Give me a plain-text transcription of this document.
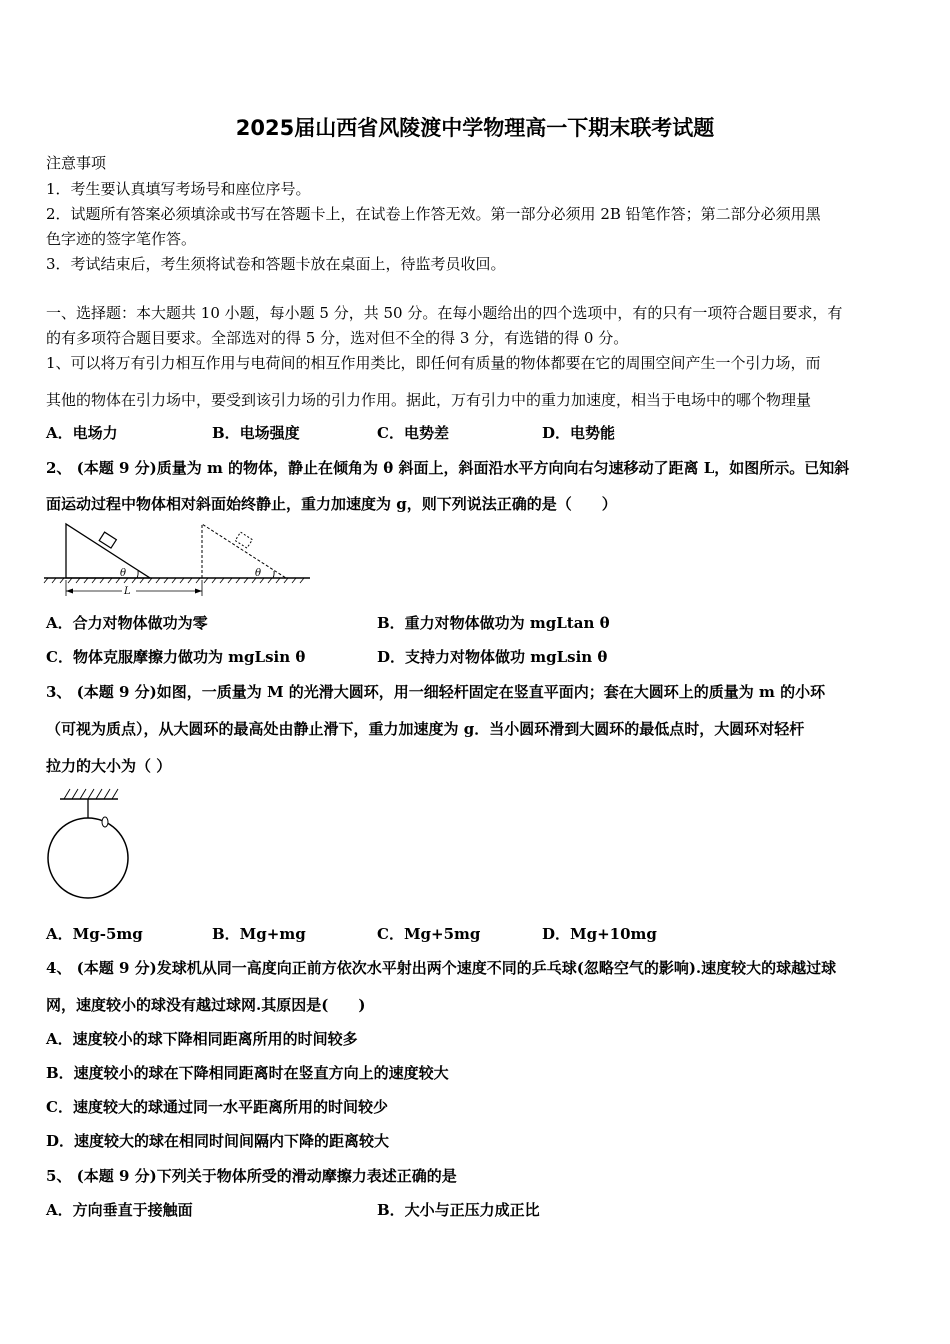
2025届山西省风陵渡中学物理高一下期末联考试题
注意事项
1．考生要认真填写考场号和座位序号。
2．试题所有答案必须填涂或书写在答题卡上，在试卷上作答无效。第一部分必须用 2B 铅笔作答；第二部分必须用黑
色字迹的签字笔作答。
3．考试结束后，考生须将试卷和答题卡放在桌面上，待监考员收回。
一、选择题：本大题共 10 小题，每小题 5 分，共 50 分。在每小题给出的四个选项中，有的只有一项符合题目要求，有
的有多项符合题目要求。全部选对的得 5 分，选对但不全的得 3 分，有选错的得 0 分。
1、可以将万有引力相互作用与电荷间的相互作用类比，即任何有质量的物体都要在它的周围空间产生一个引力场，而
其他的物体在引力场中，要受到该引力场的引力作用。据此，万有引力中的重力加速度，相当于电场中的哪个物理量
A．电场力	B．电场强度	C．电势差	D．电势能
2、 (本题 9 分)质量为 m 的物体，静止在倾角为 θ 斜面上，斜面沿水平方向向右匀速移动了距离 L，如图所示。已知斜
面运动过程中物体相对斜面始终静止，重力加速度为 g，则下列说法正确的是（　　）
θ	θ
L
A．合力对物体做功为零	B．重力对物体做功为 mgLtan θ
C．物体克服摩擦力做功为 mgLsin θ	D．支持力对物体做功 mgLsin θ
3、 (本题 9 分)如图，一质量为 M 的光滑大圆环，用一细轻杆固定在竖直平面内；套在大圆环上的质量为 m 的小环
（可视为质点），从大圆环的最高处由静止滑下，重力加速度为 g．当小圆环滑到大圆环的最低点时，大圆环对轻杆
拉力的大小为（ ）
A．Mg-5mg	B．Mg+mg	C．Mg+5mg	D．Mg+10mg
4、 (本题 9 分)发球机从同一高度向正前方依次水平射出两个速度不同的乒乓球(忽略空气的影响).速度较大的球越过球
网，速度较小的球没有越过球网.其原因是(　　)
A．速度较小的球下降相同距离所用的时间较多
B．速度较小的球在下降相同距离时在竖直方向上的速度较大
C．速度较大的球通过同一水平距离所用的时间较少
D．速度较大的球在相同时间间隔内下降的距离较大
5、 (本题 9 分)下列关于物体所受的滑动摩擦力表述正确的是
A．方向垂直于接触面	B．大小与正压力成正比
